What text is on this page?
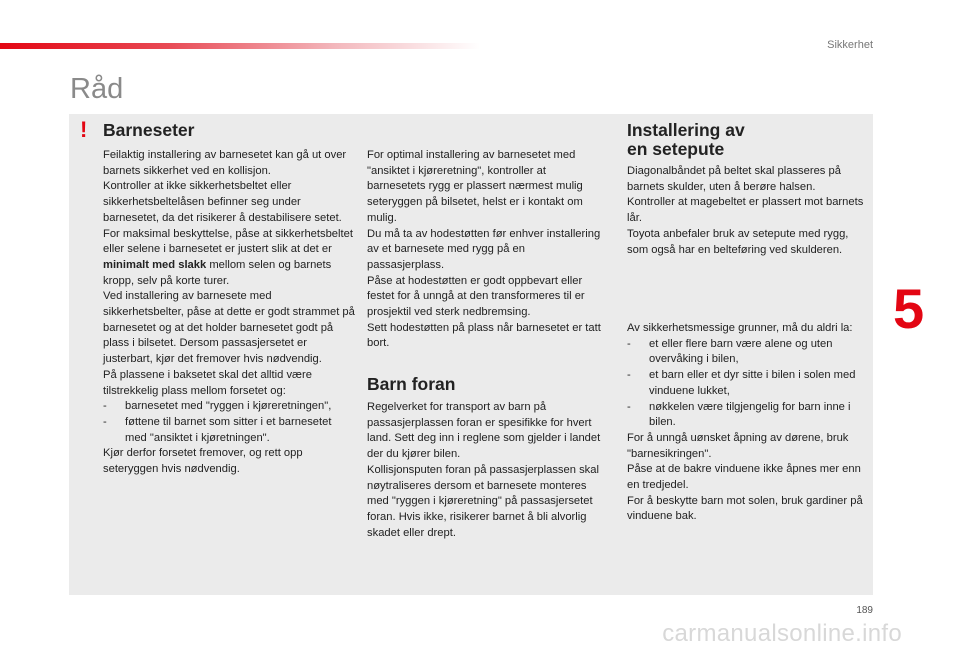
Sikkerhet
Råd
! Barneseter

Feilaktig installering av barnesetet kan gå ut over barnets sikkerhet ved en kollisjon.

Kontroller at ikke sikkerhetsbeltet eller sikkerhetsbeltelåsen befinner seg under barnesetet, da det risikerer å destabilisere setet.

For maksimal beskyttelse, påse at sikkerhetsbeltet eller selene i barnesetet er justert slik at det er minimalt med slakk mellom selen og barnets kropp, selv på korte turer.

Ved installering av barnesete med sikkerhetsbelter, påse at dette er godt strammet på barnesetet og at det holder barnesetet godt på plass i bilsetet. Dersom passasjersetet er justerbart, kjør det fremover hvis nødvendig.

På plassene i baksetet skal det alltid være tilstrekkelig plass mellom forsetet og:

-	barnesetet med "ryggen i kjøreretningen",
-	føttene til barnet som sitter i et barnesetet med "ansiktet i kjøretningen".

Kjør derfor forsetet fremover, og rett opp seteryggen hvis nødvendig.

For optimal installering av barnesetet med "ansiktet i kjøreretning", kontroller at barnesetets rygg er plassert nærmest mulig seteryggen på bilsetet, helst er i kontakt om mulig.

Du må ta av hodestøtten før enhver installering av et barnesete med rygg på en passasjerplass.

Påse at hodestøtten er godt oppbevart eller festet for å unngå at den transformeres til er prosjektil ved sterk nedbremsing.

Sett hodestøtten på plass når barnesetet er tatt bort.

Barn foran

Regelverket for transport av barn på passasjerplassen foran er spesifikke for hvert land. Sett deg inn i reglene som gjelder i landet der du kjører bilen.

Kollisjonsputen foran på passasjerplassen skal nøytraliseres dersom et barnesete monteres med "ryggen i kjøreretning" på passasjersetet foran. Hvis ikke, risikerer barnet å bli alvorlig skadet eller drept.

Installering av
en setepute

Diagonalbåndet på beltet skal plasseres på barnets skulder, uten å berøre halsen.

Kontroller at magebeltet er plassert mot barnets lår.

Toyota anbefaler bruk av setepute med rygg, som også har en belteføring ved skulderen.

Av sikkerhetsmessige grunner, må du aldri la:

-	et eller flere barn være alene og uten overvåking i bilen,
-	et barn eller et dyr sitte i bilen i solen med vinduene lukket,
-	nøkkelen være tilgjengelig for barn inne i bilen.

For å unngå uønsket åpning av dørene, bruk "barnesikringen".

Påse at de bakre vinduene ikke åpnes mer enn en tredjedel.

For å beskytte barn mot solen, bruk gardiner på vinduene bak.

5
189
carmanualsonline.info
